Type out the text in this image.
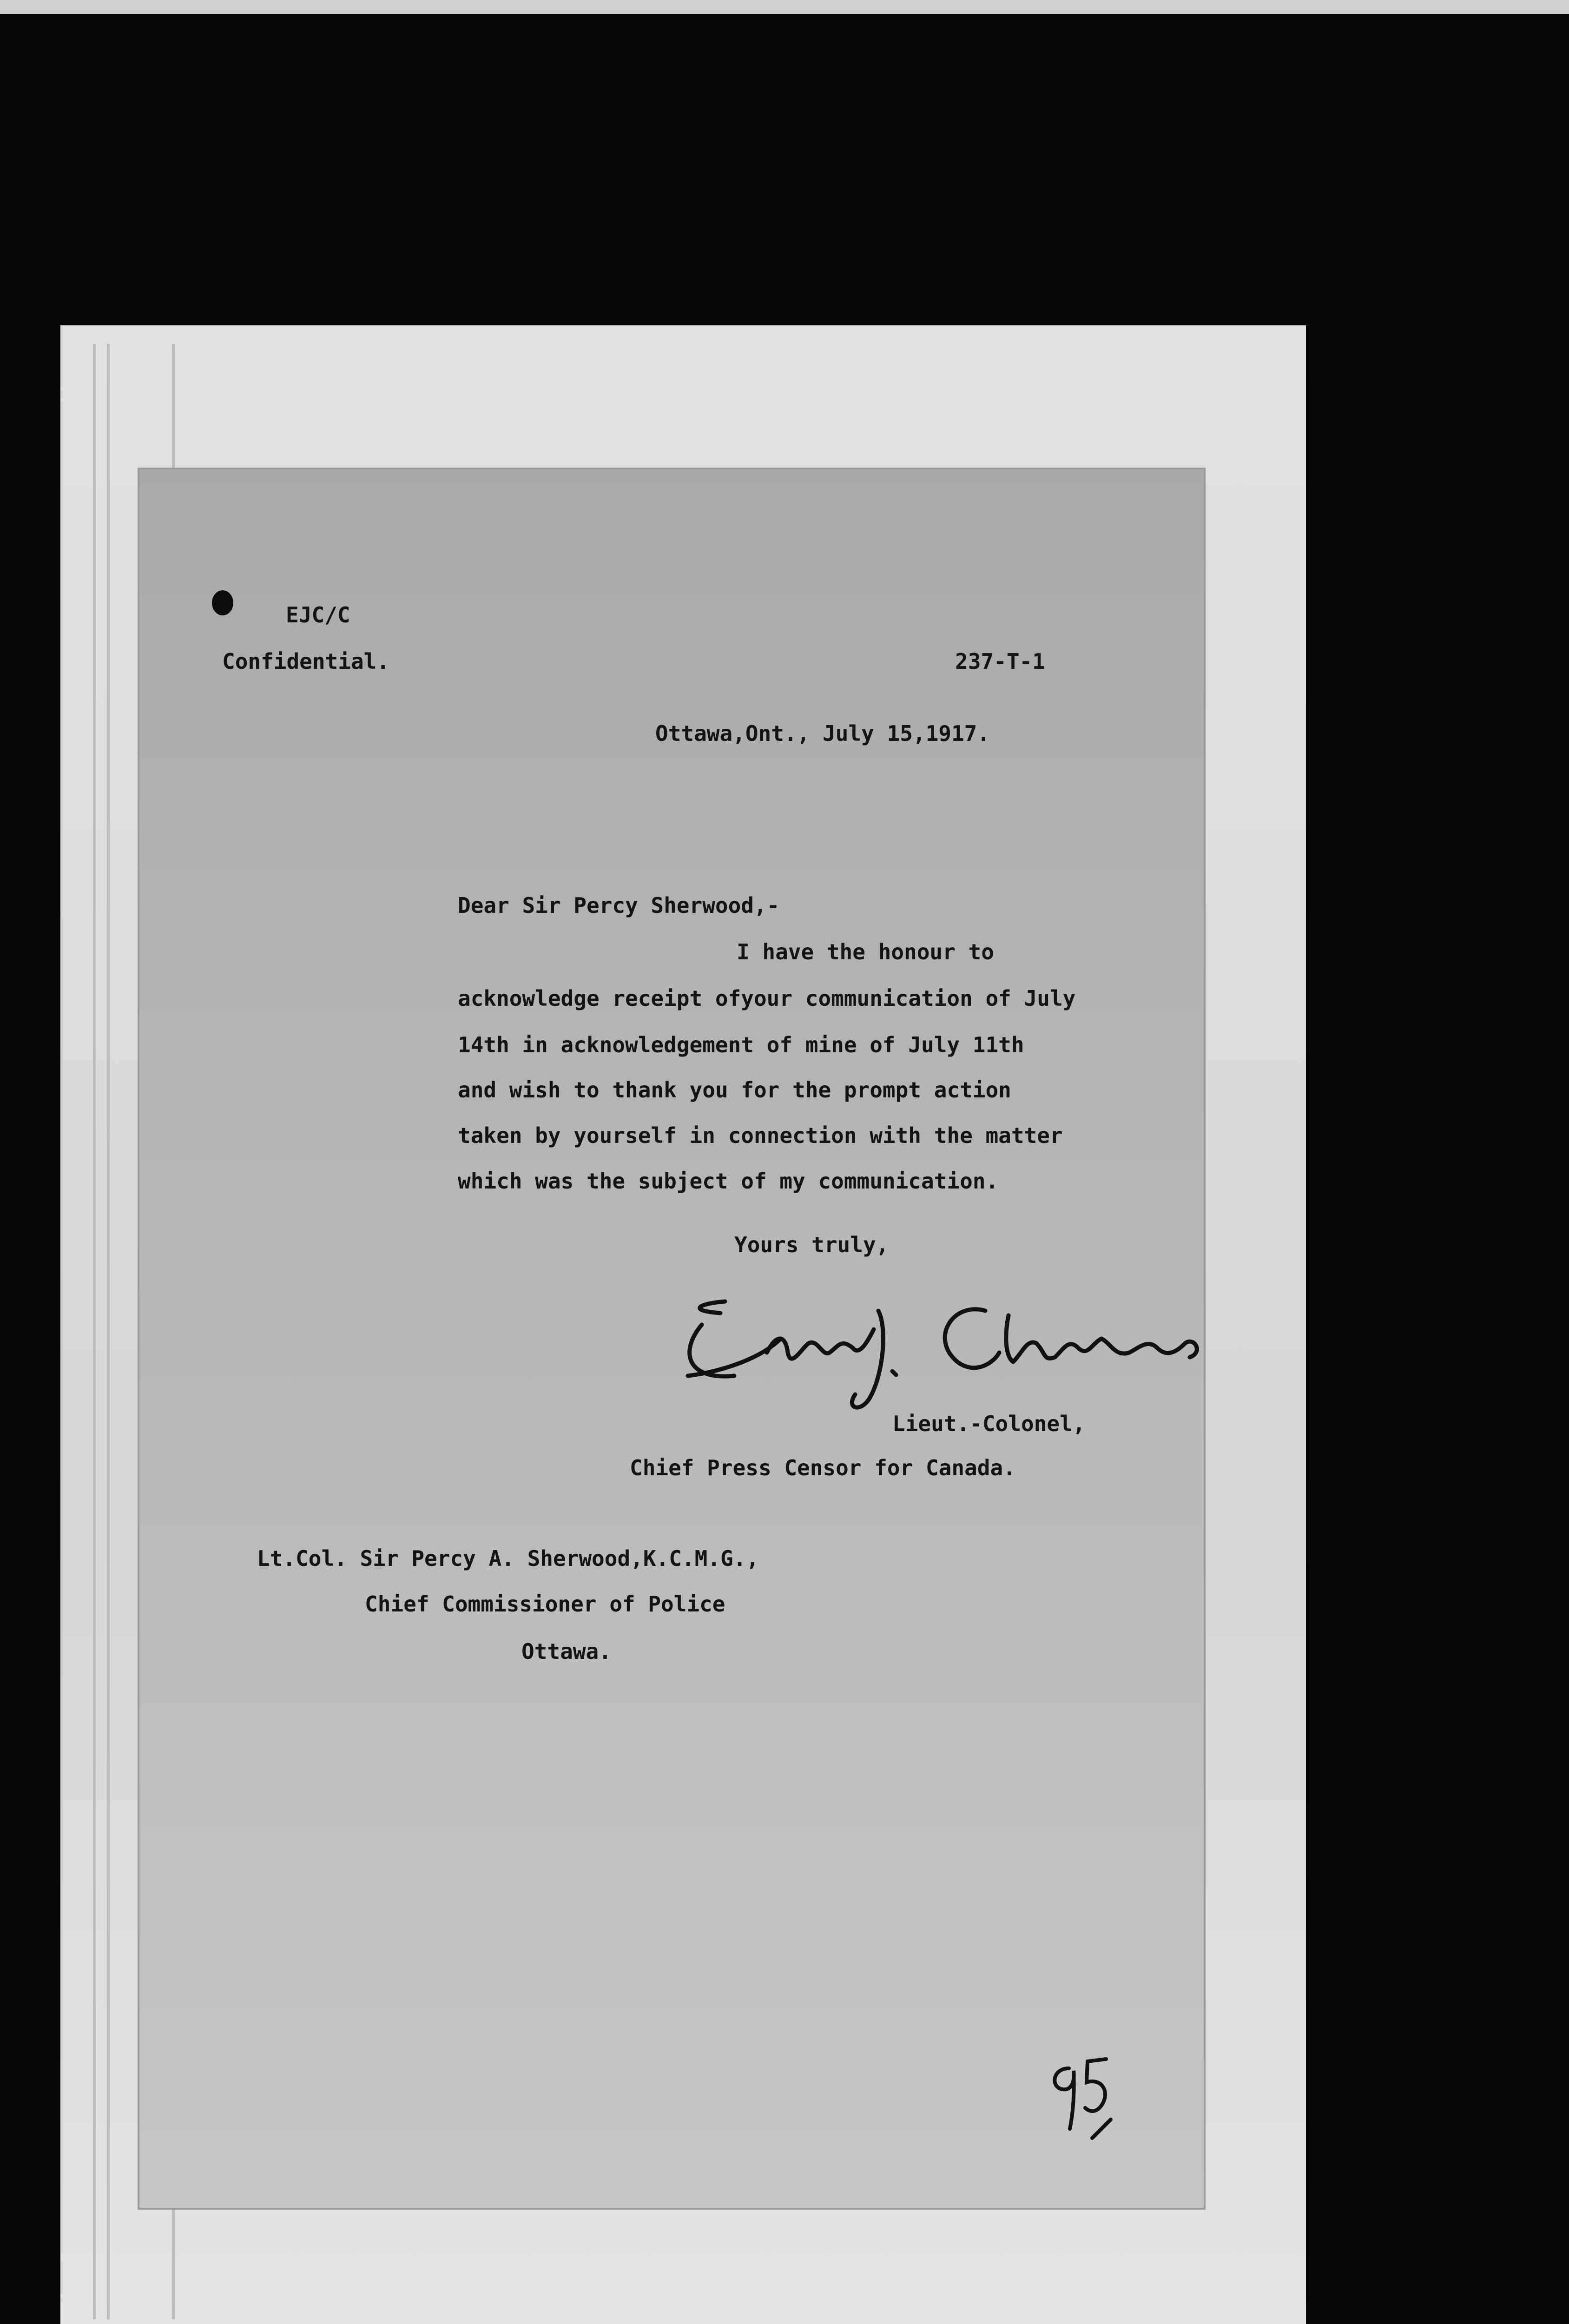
EJC/C

Confidential.	237-T-1

Ottawa,Ont., July 15,1917.

Dear Sir Percy Sherwood,-

I have the honour to

acknowledge receipt ofyour communication of July

14th in acknowledgement of mine of July 11th

and wish to thank you for the prompt action

taken by yourself in connection with the matter

which was the subject of my communication.

Yours truly,

Lieut.-Colonel,

Chief Press Censor for Canada.

Lt.Col. Sir Percy A. Sherwood,K.C.M.G.,

Chief Commissioner of Police

Ottawa.
